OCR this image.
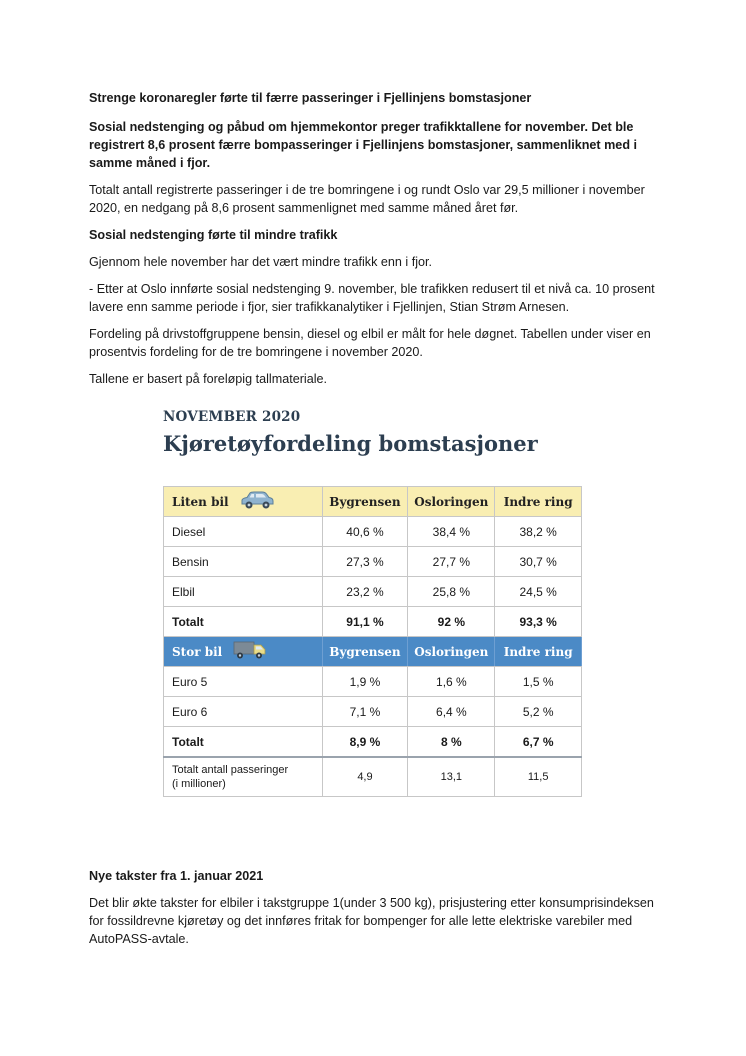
Strenge koronaregler førte til færre passeringer i Fjellinjens bomstasjoner

Sosial nedstenging og påbud om hjemmekontor preger trafikktallene for november. Det ble registrert 8,6 prosent færre bompasseringer i Fjellinjens bomstasjoner, sammenliknet med i samme måned i fjor.

Totalt antall registrerte passeringer i de tre bomringene i og rundt Oslo var 29,5 millioner i november 2020, en nedgang på 8,6 prosent sammenlignet med samme måned året før.

Sosial nedstenging førte til mindre trafikk

Gjennom hele november har det vært mindre trafikk enn i fjor.

- Etter at Oslo innførte sosial nedstenging 9. november, ble trafikken redusert til et nivå ca. 10 prosent lavere enn samme periode i fjor, sier trafikkanalytiker i Fjellinjen, Stian Strøm Arnesen.

Fordeling på drivstoffgruppene bensin, diesel og elbil er målt for hele døgnet. Tabellen under viser en prosentvis fordeling for de tre bomringene i november 2020.

Tallene er basert på foreløpig tallmateriale.

NOVEMBER 2020
Kjøretøyfordeling bomstasjoner
Liten bil	Bygrensen	Osloringen	Indre ring
Diesel	40,6 %	38,4 %	38,2 %
Bensin	27,3 %	27,7 %	30,7 %
Elbil	23,2 %	25,8 %	24,5 %
Totalt	91,1 %	92 %	93,3 %

Stor bil	Bygrensen	Osloringen	Indre ring
Euro 5	1,9 %	1,6 %	1,5 %
Euro 6	7,1 %	6,4 %	5,2 %
Totalt	8,9 %	8 %	6,7 %
Totalt antall passeringer
(i millioner)	4,9	13,1	11,5

Nye takster fra 1. januar 2021

Det blir økte takster for elbiler i takstgruppe 1(under 3 500 kg), prisjustering etter konsumprisindeksen for fossildrevne kjøretøy og det innføres fritak for bompenger for alle lette elektriske varebiler med AutoPASS-avtale.
